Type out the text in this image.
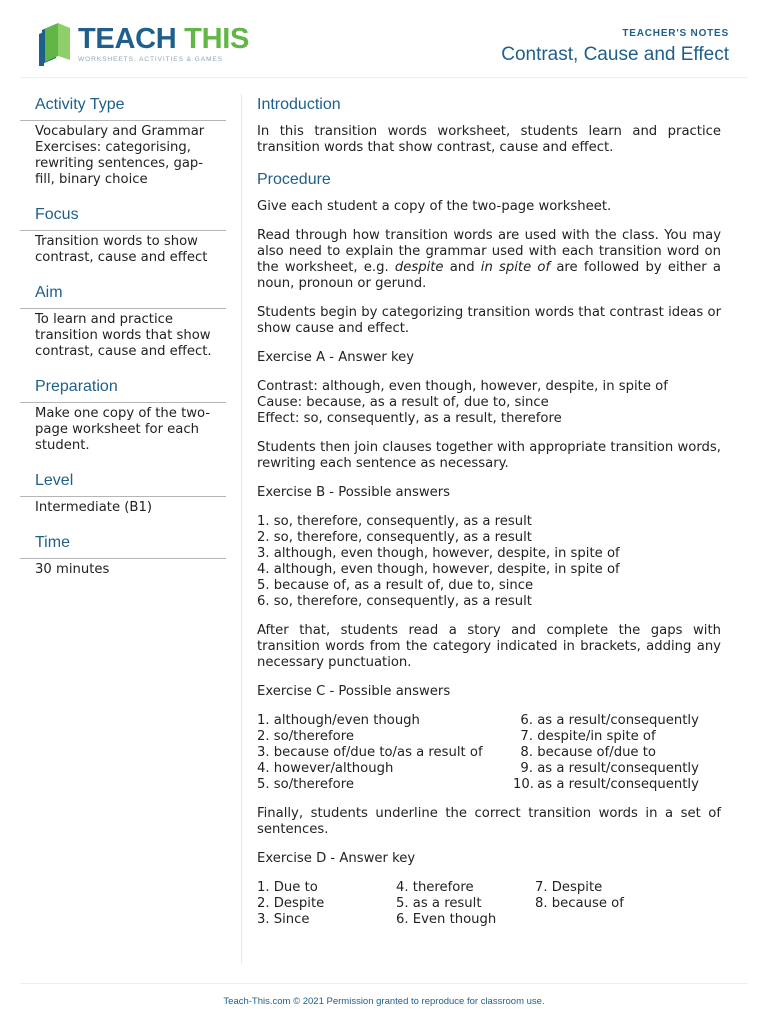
TEACH THIS
WORKSHEETS, ACTIVITIES & GAMES
TEACHER'S NOTES
Contrast, Cause and Effect
Activity Type
Vocabulary and Grammar Exercises: categorising, rewriting sentences, gap-fill, binary choice
Focus
Transition words to show contrast, cause and effect
Aim
To learn and practice transition words that show contrast, cause and effect.
Preparation
Make one copy of the two-page worksheet for each student.
Level
Intermediate (B1)
Time
30 minutes
Introduction

In this transition words worksheet, students learn and practice transition words that show contrast, cause and effect.

Procedure

Give each student a copy of the two-page worksheet.

Read through how transition words are used with the class. You may also need to explain the grammar used with each transition word on the worksheet, e.g. despite and in spite of are followed by either a noun, pronoun or gerund.

Students begin by categorizing transition words that contrast ideas or show cause and effect.

Exercise A - Answer key

Contrast: although, even though, however, despite, in spite of
Cause: because, as a result of, due to, since
Effect: so, consequently, as a result, therefore

Students then join clauses together with appropriate transition words, rewriting each sentence as necessary.

Exercise B - Possible answers

1. so, therefore, consequently, as a result
2. so, therefore, consequently, as a result
3. although, even though, however, despite, in spite of
4. although, even though, however, despite, in spite of
5. because of, as a result of, due to, since
6. so, therefore, consequently, as a result

After that, students read a story and complete the gaps with transition words from the category indicated in brackets, adding any necessary punctuation.

Exercise C - Possible answers

1. although/even though
2. so/therefore
3. because of/due to/as a result of
4. however/although
5. so/therefore
6. as a result/consequently
7. despite/in spite of
8. because of/due to
9. as a result/consequently
10. as a result/consequently

Finally, students underline the correct transition words in a set of sentences.

Exercise D - Answer key

1. Due to
2. Despite
3. Since
4. therefore
5. as a result
6. Even though
7. Despite
8. because of
Teach-This.com © 2021 Permission granted to reproduce for classroom use.
